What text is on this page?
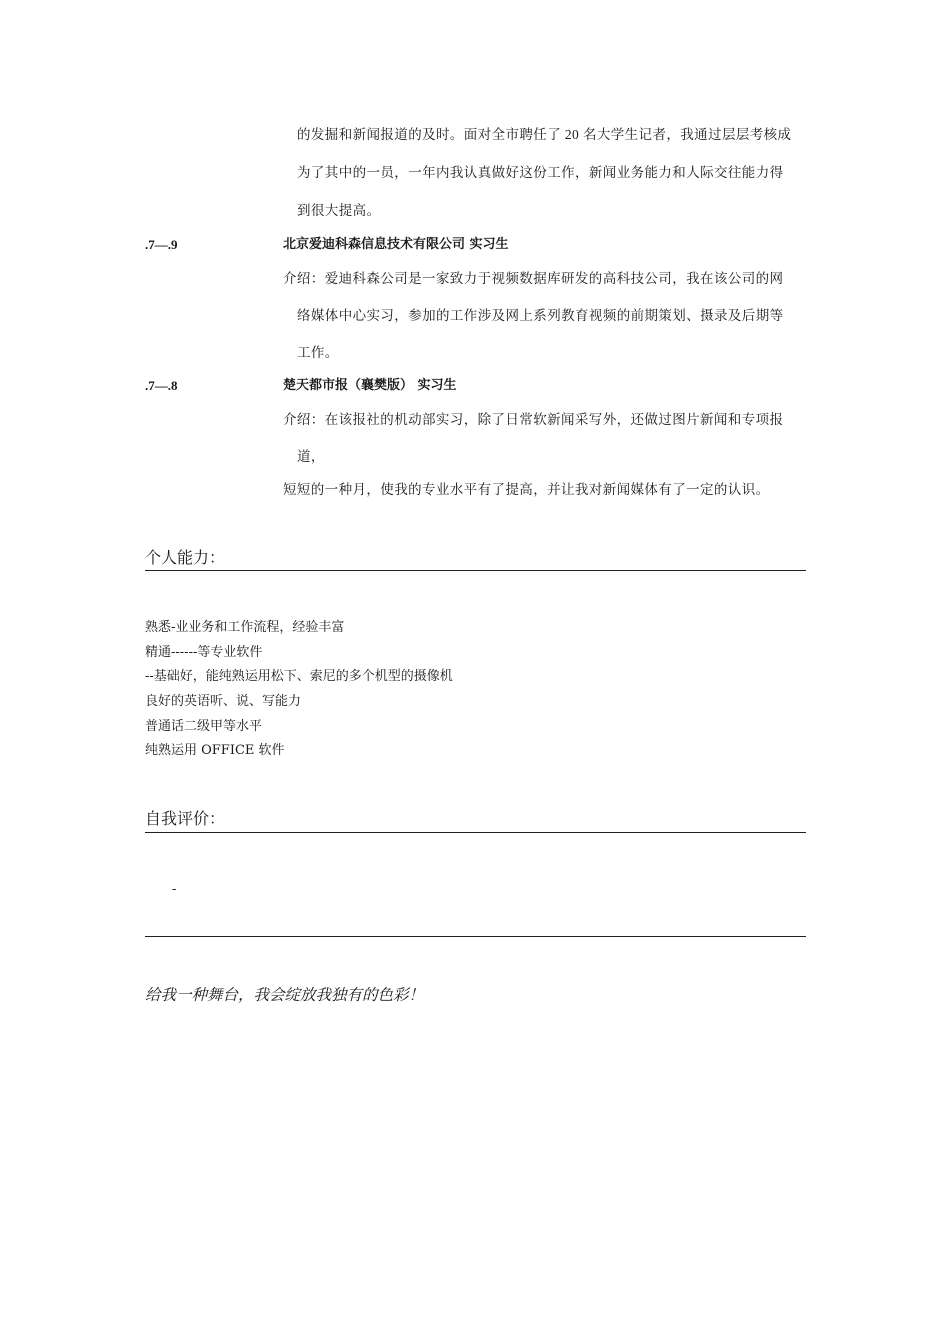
的发掘和新闻报道的及时。面对全市聘任了 20 名大学生记者，我通过层层考核成
为了其中的一员，一年内我认真做好这份工作，新闻业务能力和人际交往能力得
到很大提高。
.7—.9	北京爱迪科森信息技术有限公司 实习生
介绍：爱迪科森公司是一家致力于视频数据库研发的高科技公司，我在该公司的网
络媒体中心实习，参加的工作涉及网上系列教育视频的前期策划、摄录及后期等
工作。
.7—.8	楚天都市报（襄樊版） 实习生
介绍：在该报社的机动部实习，除了日常软新闻采写外，还做过图片新闻和专项报
道，
短短的一种月，使我的专业水平有了提高，并让我对新闻媒体有了一定的认识。
个人能力：
熟悉-业业务和工作流程，经验丰富
精通------等专业软件
--基础好，能纯熟运用松下、索尼的多个机型的摄像机
良好的英语听、说、写能力
普通话二级甲等水平
纯熟运用 OFFICE 软件
自我评价：
-
给我一种舞台，我会绽放我独有的色彩！
